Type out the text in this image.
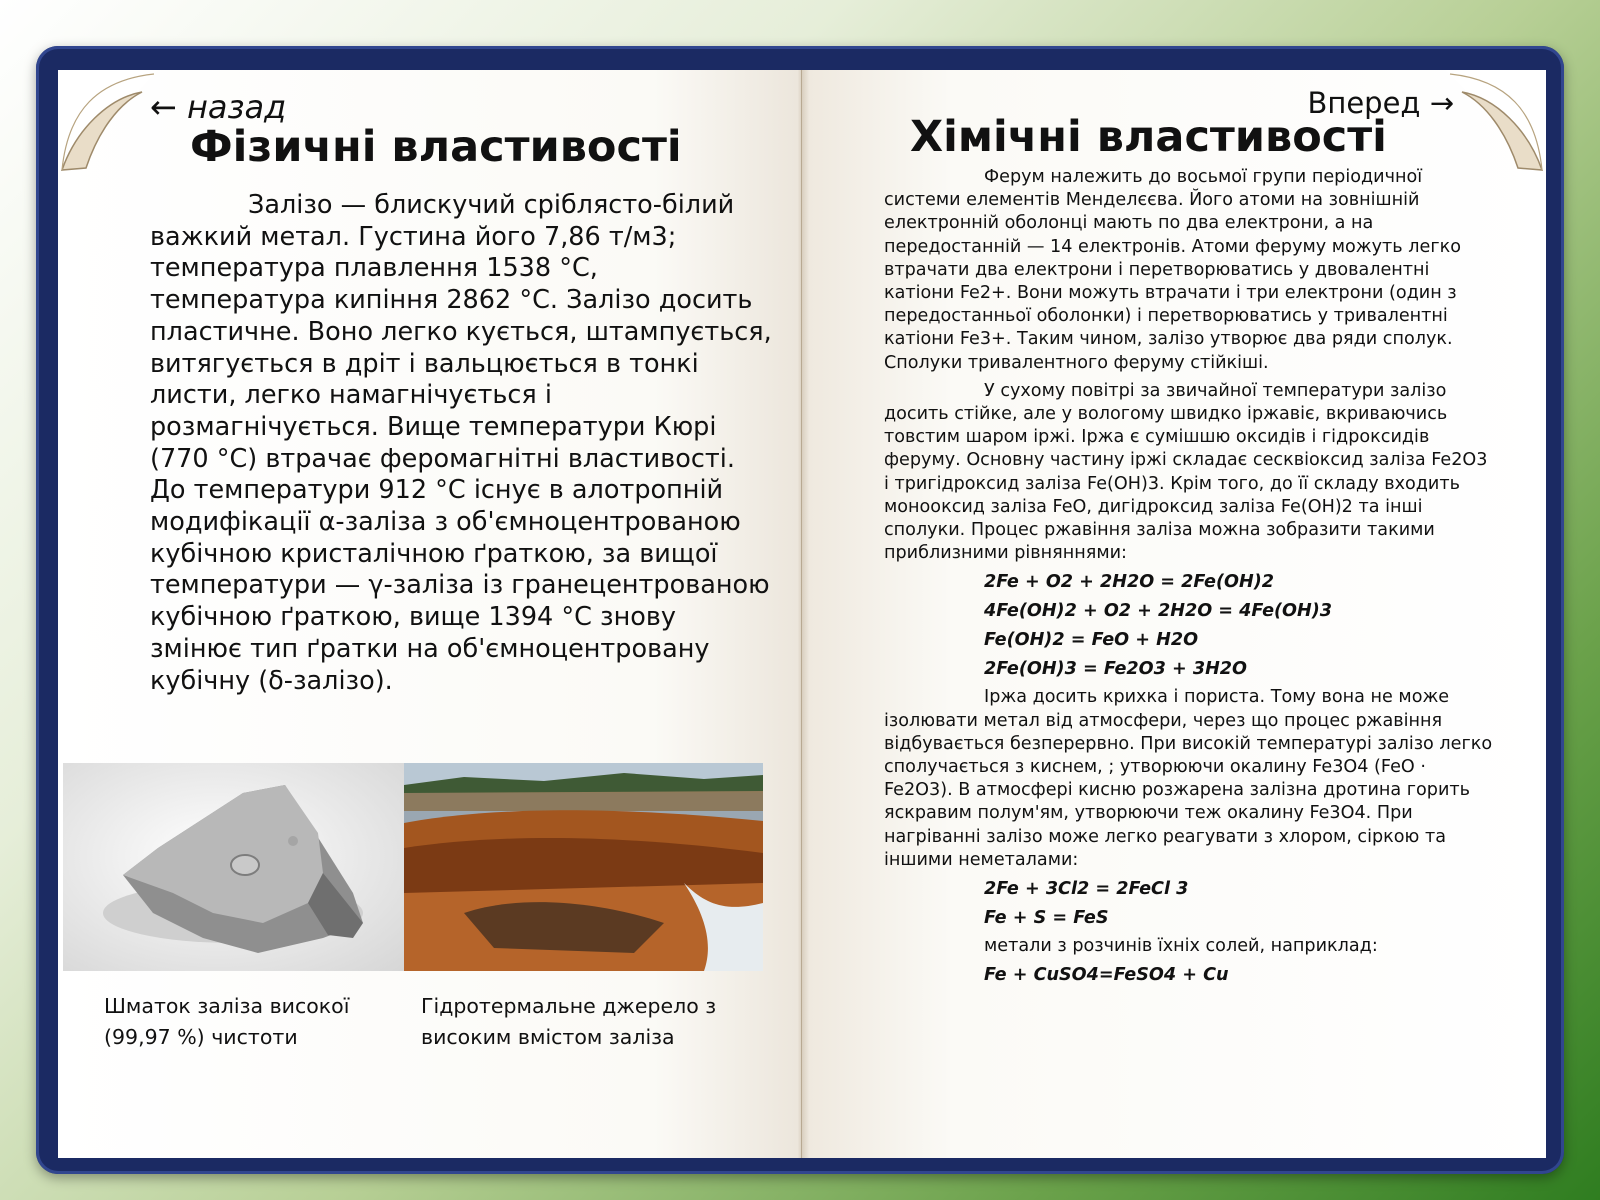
← назад	Вперед →
Фізичні властивості

Залізо — блискучий сріблясто-білий важкий метал. Густина його 7,86 т/м3; температура плавлення 1538 °С, температура кипіння 2862 °С. Залізо досить пластичне. Воно легко кується, штампується, витягується в дріт і вальцюється в тонкі листи, легко намагнічується і розмагнічується. Вище температури Кюрі (770 °C) втрачає феромагнітні властивості. До температури 912 °C існує в алотропній модифікації α-заліза з об'ємноцентрованою кубічною кристалічною ґраткою, за вищої температури — γ-заліза із гранецентрованою кубічною ґраткою, вище 1394 °C знову змінює тип ґратки на об'ємноцентровану кубічну (δ-залізо).

Шматок заліза високої
(99,97 %) чистоти

Гідротермальне джерело з
високим вмістом заліза

Хімічні властивості

Ферум належить до восьмої групи періодичної системи елементів Менделєєва. Його атоми на зовнішній електронній оболонці мають по два електрони, а на передостанній — 14 електронів. Атоми феруму можуть легко втрачати два електрони і перетворюватись у двовалентні катіони Fe2+. Вони можуть втрачати і три електрони (один з передостанньої оболонки) і перетворюватись у тривалентні катіони Fe3+. Таким чином, залізо утворює два ряди сполук. Сполуки тривалентного феруму стійкіші.

У сухому повітрі за звичайної температури залізо досить стійке, але у вологому швидко іржавіє, вкриваючись товстим шаром іржі. Іржа є сумішшю оксидів і гідроксидів феруму. Основну частину іржі складає сесквіоксид заліза Fe2O3 і тригідроксид заліза Fe(OH)3. Крім того, до її складу входить монооксид заліза FeO, дигідроксид заліза Fe(OH)2 та інші сполуки. Процес ржавіння заліза можна зобразити такими приблизними рівняннями:

2Fe + O2 + 2H2O = 2Fe(OH)2
4Fe(OH)2 + O2 + 2H2O = 4Fe(OH)3
Fe(OH)2 = FeO + H2O
2Fe(OH)3 = Fe2O3 + 3H2O

Іржа досить крихка і пориста. Тому вона не може ізолювати метал від атмосфери, через що процес ржавіння відбувається безперервно. При високій температурі залізо легко сполучається з киснем, ; утворюючи окалину Fe3O4 (FeO · Fe2O3). В атмосфері кисню розжарена залізна дротина горить яскравим полум'ям, утворюючи теж окалину Fe3O4. При нагріванні залізо може легко реагувати з хлором, сіркою та іншими неметалами:

2Fe + 3Cl2 = 2FeCl 3
Fe + S = FeS
метали з розчинів їхніх солей, наприклад:
Fe + CuSO4=FeSO4 + Cu
